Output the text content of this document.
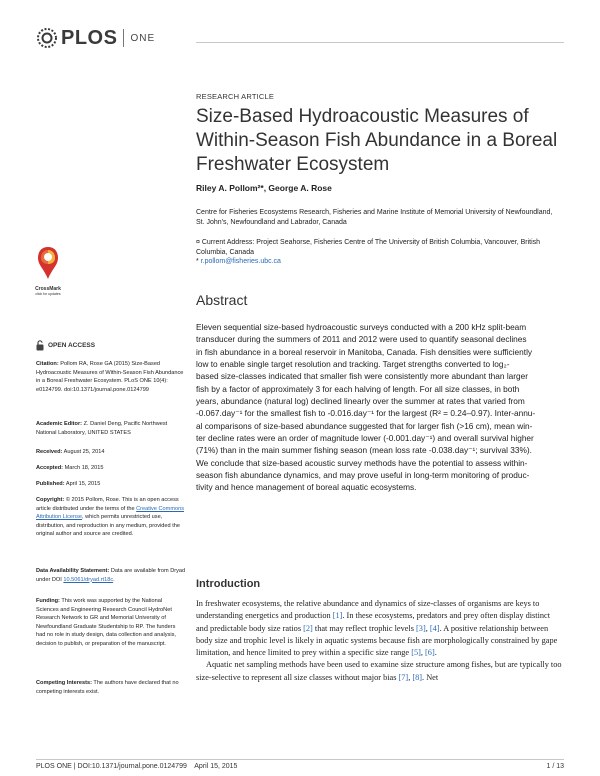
PLOS ONE
RESEARCH ARTICLE
Size-Based Hydroacoustic Measures of Within-Season Fish Abundance in a Boreal Freshwater Ecosystem
Riley A. Pollom²*, George A. Rose
Centre for Fisheries Ecosystems Research, Fisheries and Marine Institute of Memorial University of Newfoundland, St. John's, Newfoundland and Labrador, Canada
¤ Current Address: Project Seahorse, Fisheries Centre of The University of British Columbia, Vancouver, British Columbia, Canada
* r.pollom@fisheries.ubc.ca
Abstract
Eleven sequential size-based hydroacoustic surveys conducted with a 200 kHz split-beam
transducer during the summers of 2011 and 2012 were used to quantify seasonal declines
in fish abundance in a boreal reservoir in Manitoba, Canada. Fish densities were sufficiently
low to enable single target resolution and tracking. Target strengths converted to log₂-
based size-classes indicated that smaller fish were consistently more abundant than larger
fish by a factor of approximately 3 for each halving of length. For all size classes, in both
years, abundance (natural log) declined linearly over the summer at rates that varied from
-0.067.day⁻¹ for the smallest fish to -0.016.day⁻¹ for the largest (R² = 0.24–0.97). Inter-annu-
al comparisons of size-based abundance suggested that for larger fish (>16 cm), mean win-
ter decline rates were an order of magnitude lower (-0.001.day⁻¹) and overall survival higher
(71%) than in the main summer fishing season (mean loss rate -0.038.day⁻¹; survival 33%).
We conclude that size-based acoustic survey methods have the potential to assess within-
season fish abundance dynamics, and may prove useful in long-term monitoring of produc-
tivity and hence management of boreal aquatic ecosystems.
Introduction

In freshwater ecosystems, the relative abundance and dynamics of size-classes of organisms are keys to understanding energetics and production [1]. In these ecosystems, predators and prey often display distinct and predictable body size ratios [2] that may reflect trophic levels [3], [4]. A positive relationship between body size and trophic level is likely in aquatic systems because fish are morphologically constrained by gape limitation, and hence limited to prey within a specific size range [5], [6].

Aquatic net sampling methods have been used to examine size structure among fishes, but are typically too size-selective to represent all size classes without major bias [7], [8]. Net

CrossMark
click for updates
OPEN ACCESS
Citation: Pollom RA, Rose GA (2015) Size-Based Hydroacoustic Measures of Within-Season Fish Abundance in a Boreal Freshwater Ecosystem. PLoS ONE 10(4): e0124799. doi:10.1371/journal.pone.0124799
Academic Editor: Z. Daniel Deng, Pacific Northwest National Laboratory, UNITED STATES
Received: August 25, 2014
Accepted: March 18, 2015
Published: April 15, 2015
Copyright: © 2015 Pollom, Rose. This is an open access article distributed under the terms of the Creative Commons Attribution License, which permits unrestricted use, distribution, and reproduction in any medium, provided the original author and source are credited.
Data Availability Statement: Data are available from Dryad under DOI 10.5061/dryad.rt18c.
Funding: This work was supported by the National Sciences and Engineering Research Council HydroNet Research Network to GR and Memorial University of Newfoundland Graduate Studentship to RP. The funders had no role in study design, data collection and analysis, decision to publish, or preparation of the manuscript.
Competing Interests: The authors have declared that no competing interests exist.
PLOS ONE | DOI:10.1371/journal.pone.0124799    April 15, 2015	1 / 13
